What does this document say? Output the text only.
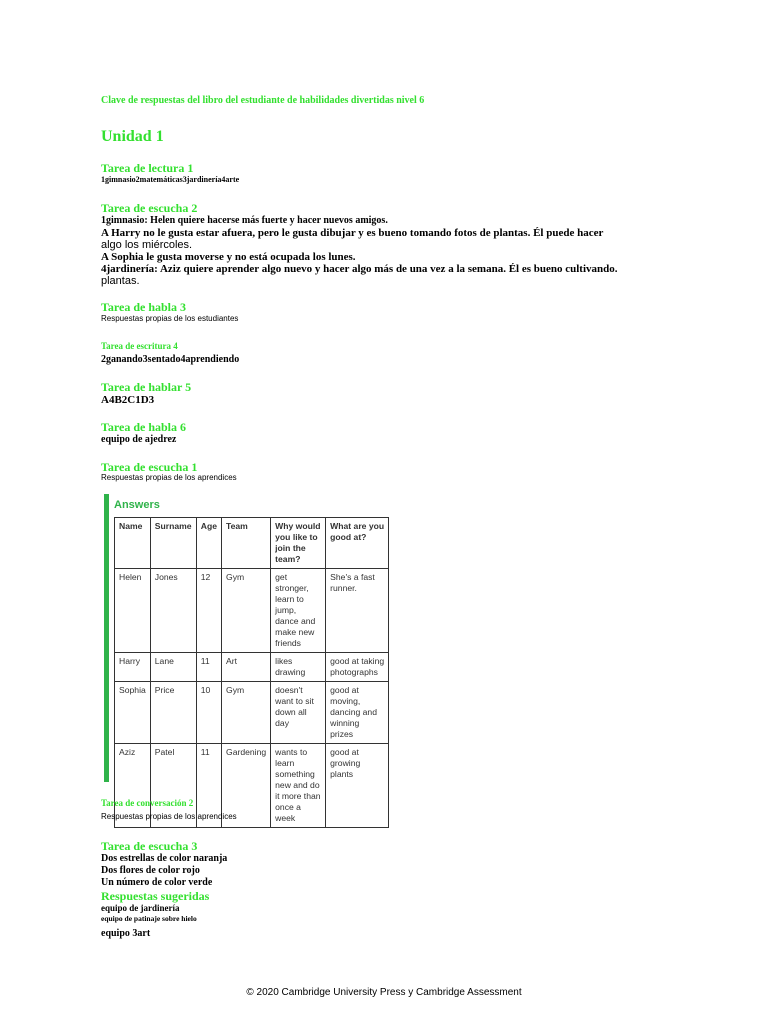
Clave de respuestas del libro del estudiante de habilidades divertidas nivel 6
Unidad 1
Tarea de lectura 1
1gimnasio2matemáticas3jardinería4arte
Tarea de escucha 2
1gimnasio: Helen quiere hacerse más fuerte y hacer nuevos amigos.
A Harry no le gusta estar afuera, pero le gusta dibujar y es bueno tomando fotos de plantas. Él puede hacer
algo los miércoles.
A Sophia le gusta moverse y no está ocupada los lunes.
4jardinería: Aziz quiere aprender algo nuevo y hacer algo más de una vez a la semana. Él es bueno cultivando.
plantas.
Tarea de habla 3
Respuestas propias de los estudiantes
Tarea de escritura 4
2ganando3sentado4aprendiendo
Tarea de hablar 5
A4B2C1D3
Tarea de habla 6
equipo de ajedrez
Tarea de escucha 1
Respuestas propias de los aprendices
Answers
Name	Surname	Age	Team	Why would you like to join the team?	What are you good at?
Helen	Jones	12	Gym	get stronger, learn to jump, dance and make new friends	She's a fast runner.
Harry	Lane	11	Art	likes drawing	good at taking photographs
Sophia	Price	10	Gym	doesn't want to sit down all day	good at moving, dancing and winning prizes
Aziz	Patel	11	Gardening	wants to learn something new and do it more than once a week	good at growing plants
Tarea de conversación 2
Respuestas propias de los aprendices
Tarea de escucha 3
Dos estrellas de color naranja
Dos flores de color rojo
Un número de color verde
Respuestas sugeridas
equipo de jardinería
equipo de patinaje sobre hielo
equipo 3art
© 2020 Cambridge University Press y Cambridge Assessment
